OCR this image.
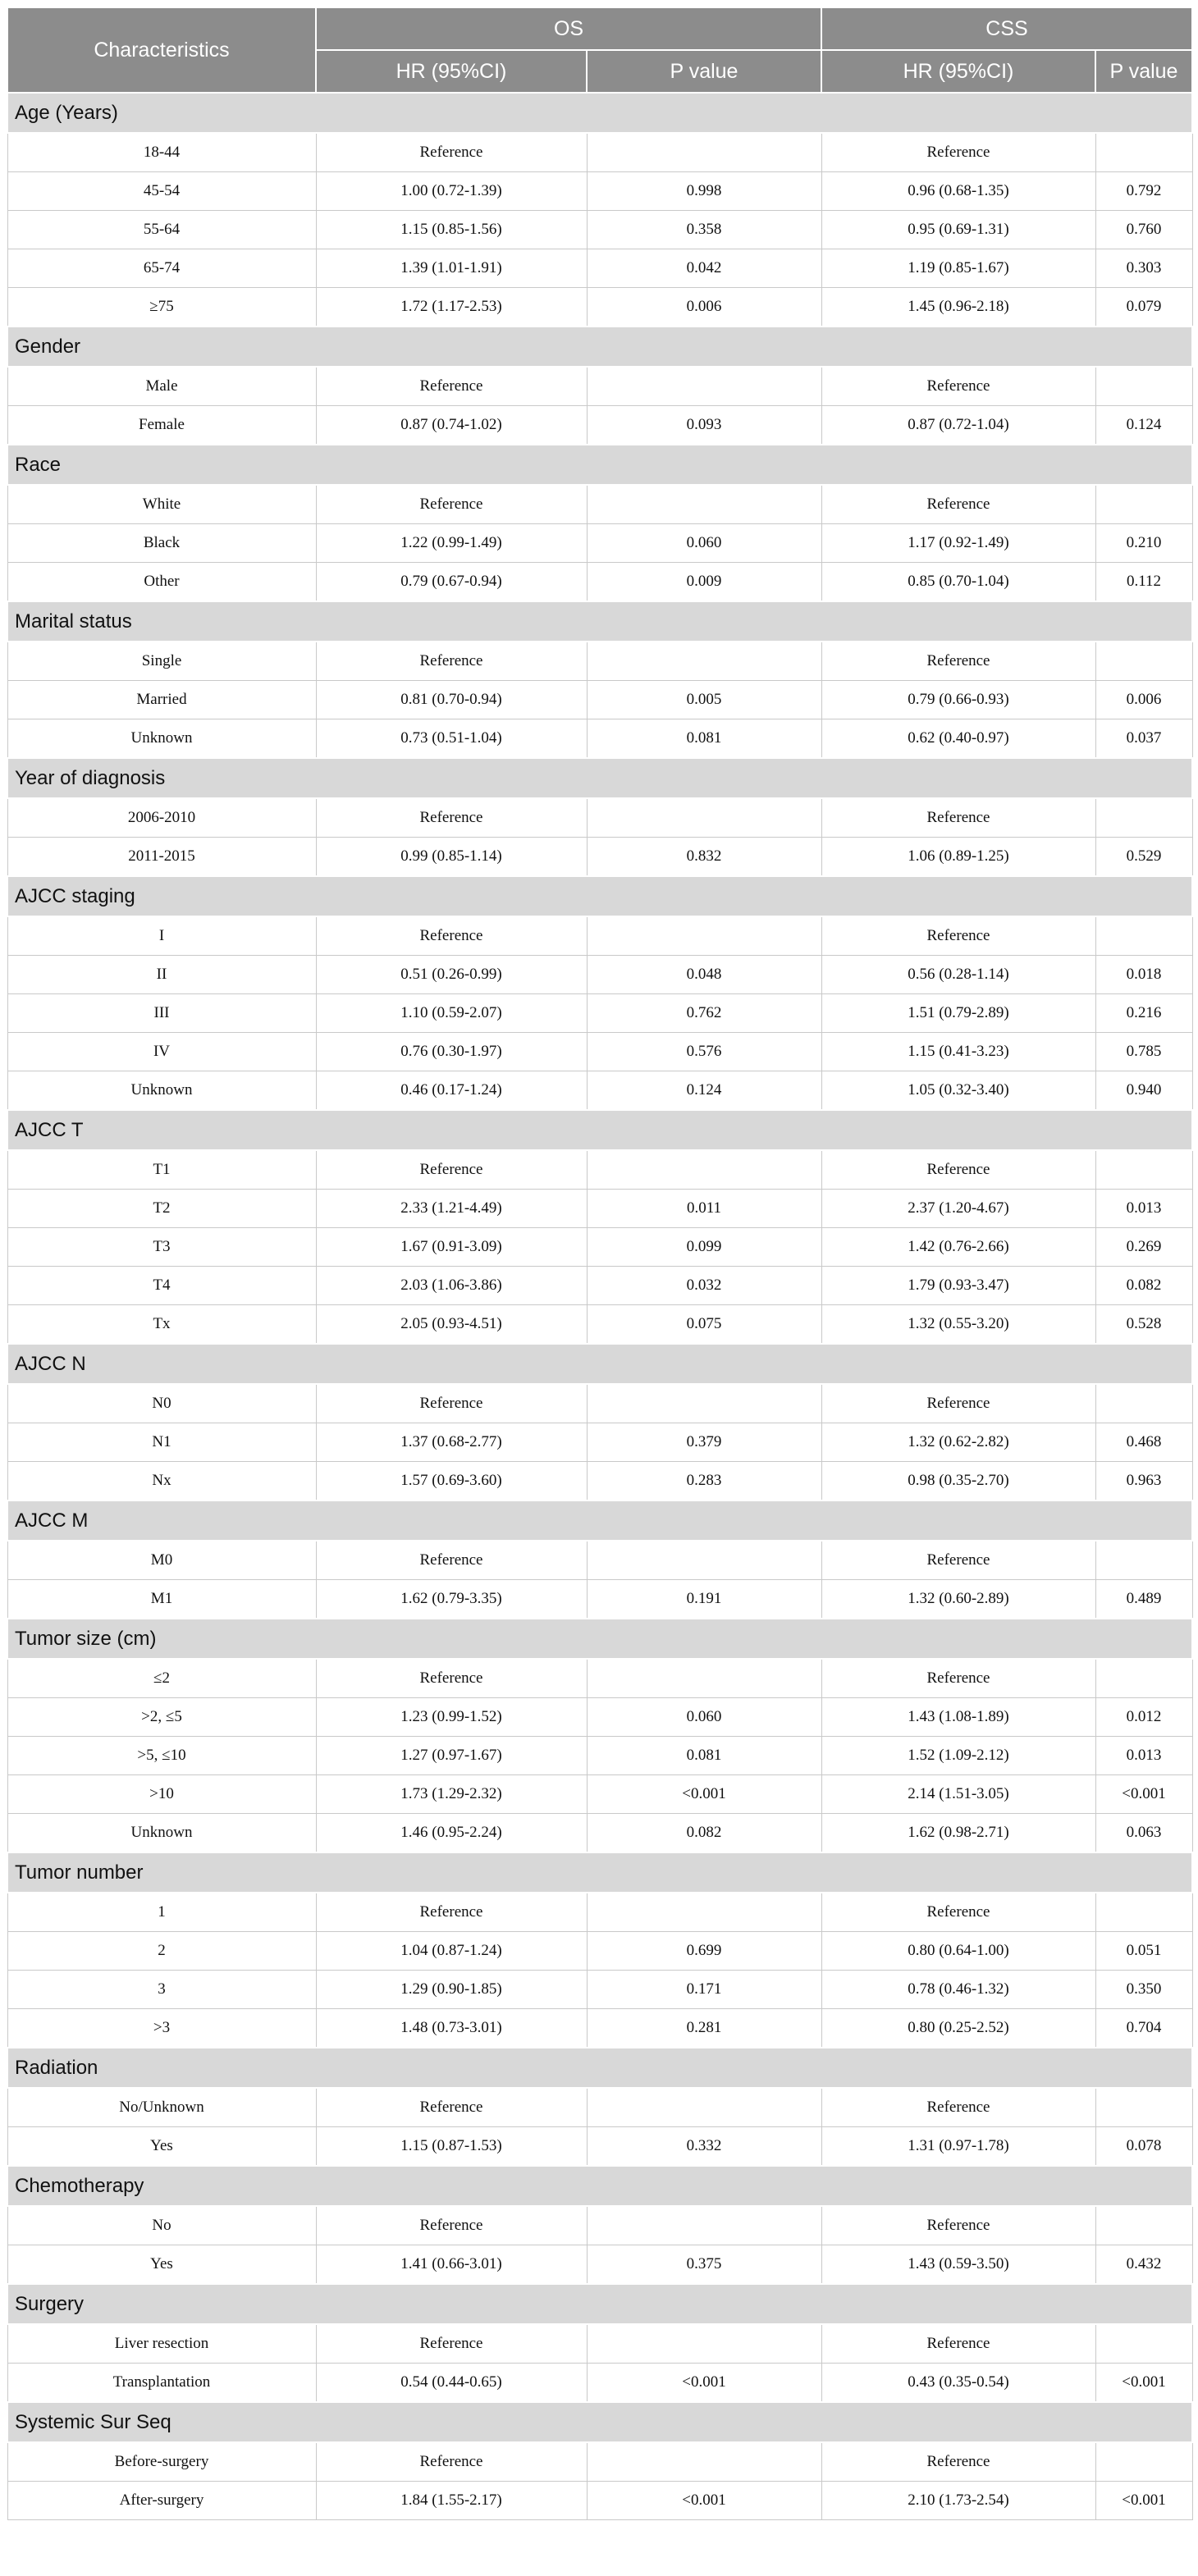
Characteristics	OS		CSS	
	HR (95%CI)	P value	HR (95%CI)	P value
Age (Years)				
18-44	Reference		Reference	
45-54	1.00 (0.72-1.39)	0.998	0.96 (0.68-1.35)	0.792
55-64	1.15 (0.85-1.56)	0.358	0.95 (0.69-1.31)	0.760
65-74	1.39 (1.01-1.91)	0.042	1.19 (0.85-1.67)	0.303
≥75	1.72 (1.17-2.53)	0.006	1.45 (0.96-2.18)	0.079
Gender				
Male	Reference		Reference	
Female	0.87 (0.74-1.02)	0.093	0.87 (0.72-1.04)	0.124
Race				
White	Reference		Reference	
Black	1.22 (0.99-1.49)	0.060	1.17 (0.92-1.49)	0.210
Other	0.79 (0.67-0.94)	0.009	0.85 (0.70-1.04)	0.112
Marital status				
Single	Reference		Reference	
Married	0.81 (0.70-0.94)	0.005	0.79 (0.66-0.93)	0.006
Unknown	0.73 (0.51-1.04)	0.081	0.62 (0.40-0.97)	0.037
Year of diagnosis				
2006-2010	Reference		Reference	
2011-2015	0.99 (0.85-1.14)	0.832	1.06 (0.89-1.25)	0.529
AJCC staging				
I	Reference		Reference	
II	0.51 (0.26-0.99)	0.048	0.56 (0.28-1.14)	0.018
III	1.10 (0.59-2.07)	0.762	1.51 (0.79-2.89)	0.216
IV	0.76 (0.30-1.97)	0.576	1.15 (0.41-3.23)	0.785
Unknown	0.46 (0.17-1.24)	0.124	1.05 (0.32-3.40)	0.940
AJCC T				
T1	Reference		Reference	
T2	2.33 (1.21-4.49)	0.011	2.37 (1.20-4.67)	0.013
T3	1.67 (0.91-3.09)	0.099	1.42 (0.76-2.66)	0.269
T4	2.03 (1.06-3.86)	0.032	1.79 (0.93-3.47)	0.082
Tx	2.05 (0.93-4.51)	0.075	1.32 (0.55-3.20)	0.528
AJCC N				
N0	Reference		Reference	
N1	1.37 (0.68-2.77)	0.379	1.32 (0.62-2.82)	0.468
Nx	1.57 (0.69-3.60)	0.283	0.98 (0.35-2.70)	0.963
AJCC M				
M0	Reference		Reference	
M1	1.62 (0.79-3.35)	0.191	1.32 (0.60-2.89)	0.489
Tumor size (cm)				
≤2	Reference		Reference	
>2, ≤5	1.23 (0.99-1.52)	0.060	1.43 (1.08-1.89)	0.012
>5, ≤10	1.27 (0.97-1.67)	0.081	1.52 (1.09-2.12)	0.013
>10	1.73 (1.29-2.32)	<0.001	2.14 (1.51-3.05)	<0.001
Unknown	1.46 (0.95-2.24)	0.082	1.62 (0.98-2.71)	0.063
Tumor number				
1	Reference		Reference	
2	1.04 (0.87-1.24)	0.699	0.80 (0.64-1.00)	0.051
3	1.29 (0.90-1.85)	0.171	0.78 (0.46-1.32)	0.350
>3	1.48 (0.73-3.01)	0.281	0.80 (0.25-2.52)	0.704
Radiation				
No/Unknown	Reference		Reference	
Yes	1.15 (0.87-1.53)	0.332	1.31 (0.97-1.78)	0.078
Chemotherapy				
No	Reference		Reference	
Yes	1.41 (0.66-3.01)	0.375	1.43 (0.59-3.50)	0.432
Surgery				
Liver resection	Reference		Reference	
Transplantation	0.54 (0.44-0.65)	<0.001	0.43 (0.35-0.54)	<0.001
Systemic Sur Seq				
Before-surgery	Reference		Reference	
After-surgery	1.84 (1.55-2.17)	<0.001	2.10 (1.73-2.54)	<0.001
